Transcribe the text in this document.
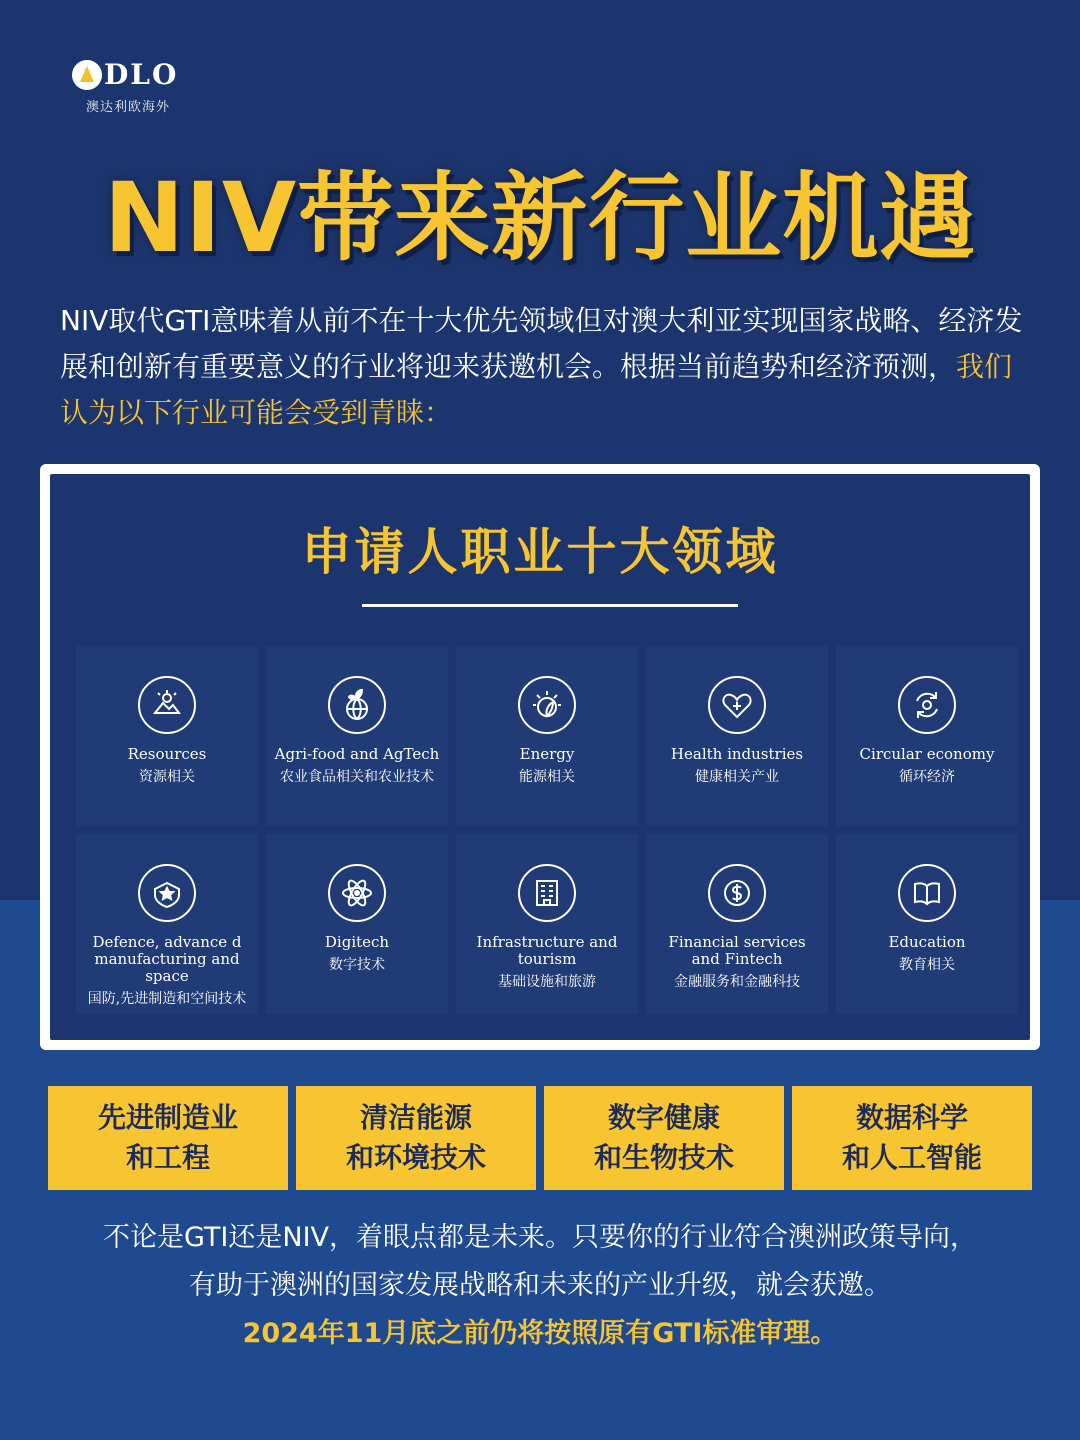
DLO
澳达利欧海外
NIV带来新行业机遇
NIV取代GTI意味着从前不在十大优先领域但对澳大利亚实现国家战略、经济发展和创新有重要意义的行业将迎来获邀机会。根据当前趋势和经济预测，我们认为以下行业可能会受到青睐：
申请人职业十大领域
Resources
资源相关
Agri-food and AgTech
农业食品相关和农业技术
Energy
能源相关
Health industries
健康相关产业
Circular economy
循环经济
Defence, advance d manufacturing and space
国防,先进制造和空间技术
Digitech
数字技术
Infrastructure and tourism
基础设施和旅游
Financial services and Fintech
金融服务和金融科技
Education
教育相关
先进制造业
和工程
清洁能源
和环境技术
数字健康
和生物技术
数据科学
和人工智能
不论是GTI还是NIV，着眼点都是未来。只要你的行业符合澳洲政策导向，
有助于澳洲的国家发展战略和未来的产业升级，就会获邀。
2024年11月底之前仍将按照原有GTI标准审理。
